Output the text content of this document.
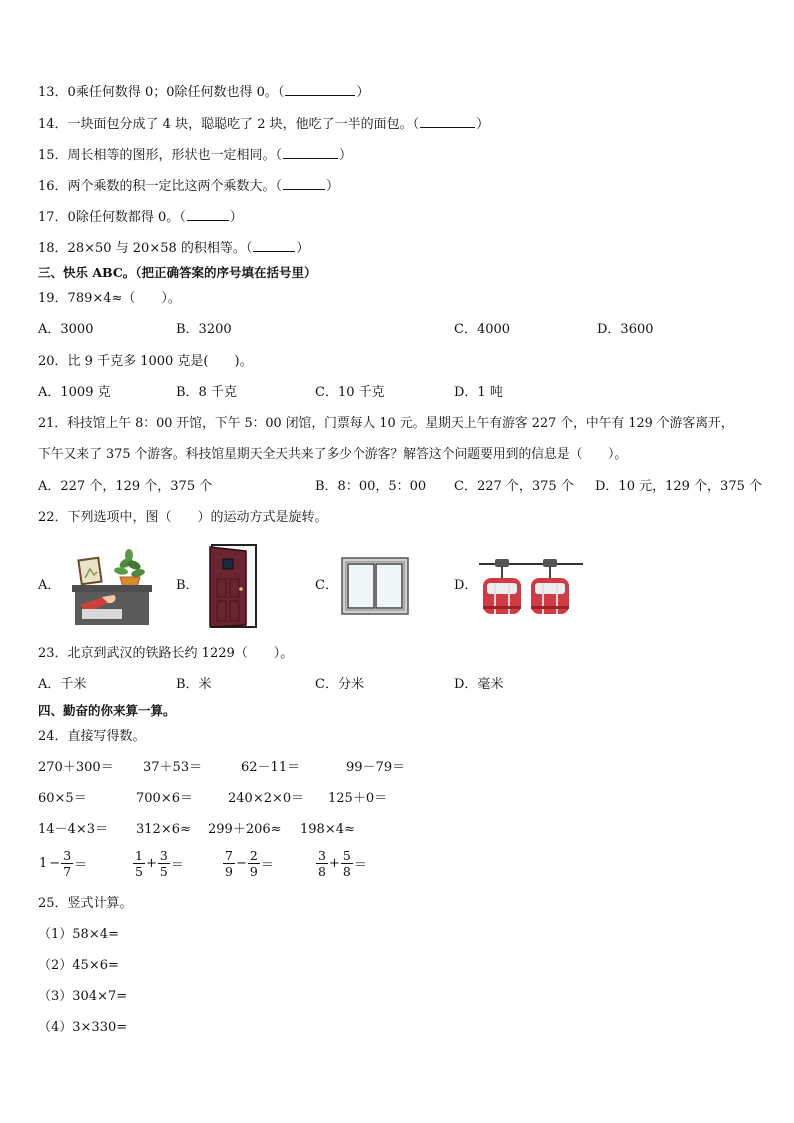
13．0乘任何数得 0；0除任何数也得 0。（	）
14．一块面包分成了 4 块，聪聪吃了 2 块，他吃了一半的面包。（	）
15．周长相等的图形，形状也一定相同。（	）
16．两个乘数的积一定比这两个乘数大。（	）
17．0除任何数都得 0。（	）
18．28×50 与 20×58 的积相等。（	）
三、快乐 ABC。（把正确答案的序号填在括号里）
19．789×4≈（　　）。
A．3000	B．3200	C．4000	D．3600
20．比 9 千克多 1000 克是(　　)。
A．1009 克	B．8 千克	C．10 千克	D．1 吨
21．科技馆上午 8：00 开馆，下午 5：00 闭馆，门票每人 10 元。星期天上午有游客 227 个，中午有 129 个游客离开，
下午又来了 375 个游客。科技馆星期天全天共来了多少个游客？解答这个问题要用到的信息是（　　）。
A．227 个，129 个，375 个	B．8：00，5：00 C．227 个，375 个 D．10 元，129 个，375 个
22．下列选项中，图（　　）的运动方式是旋转。
A．	B．	C．	D．
23．北京到武汉的铁路长约 1229（　　）。
A．千米	B．米	C．分米	D．毫米
四、勤奋的你来算一算。
24．直接写得数。
270＋300＝ 37＋53＝	62－11＝	99－79＝
60×5＝	700×6＝	240×2×0＝ 125＋0＝
14－4×3＝ 312×6≈ 299＋206≈ 198×4≈
$1 - \frac{3}{7}$ ＝	$\frac{1}{5} + \frac{3}{5}$ ＝	$\frac{7}{9} - \frac{2}{9}$ ＝	$\frac{3}{8} + \frac{5}{8}$ ＝
25．竖式计算。
（1）58×4=
（2）45×6=
（3）304×7=
（4）3×330=
